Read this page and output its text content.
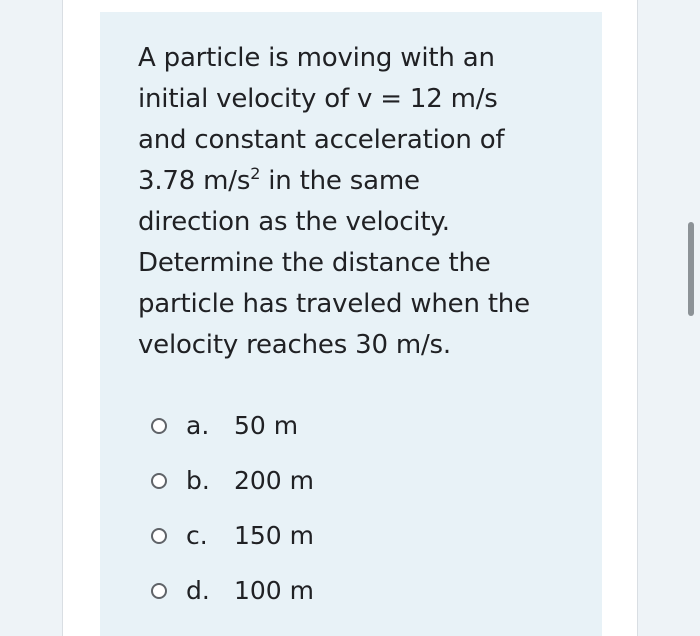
A particle is moving with an

initial velocity of v = 12 m/s

and constant acceleration of

3.78 $m/s^2$ in the same

direction as the velocity.

Determine the distance the

particle has traveled when the

velocity reaches 30 m/s.

a. 50 m
b. 200 m
c.	150 m
d. 100 m
